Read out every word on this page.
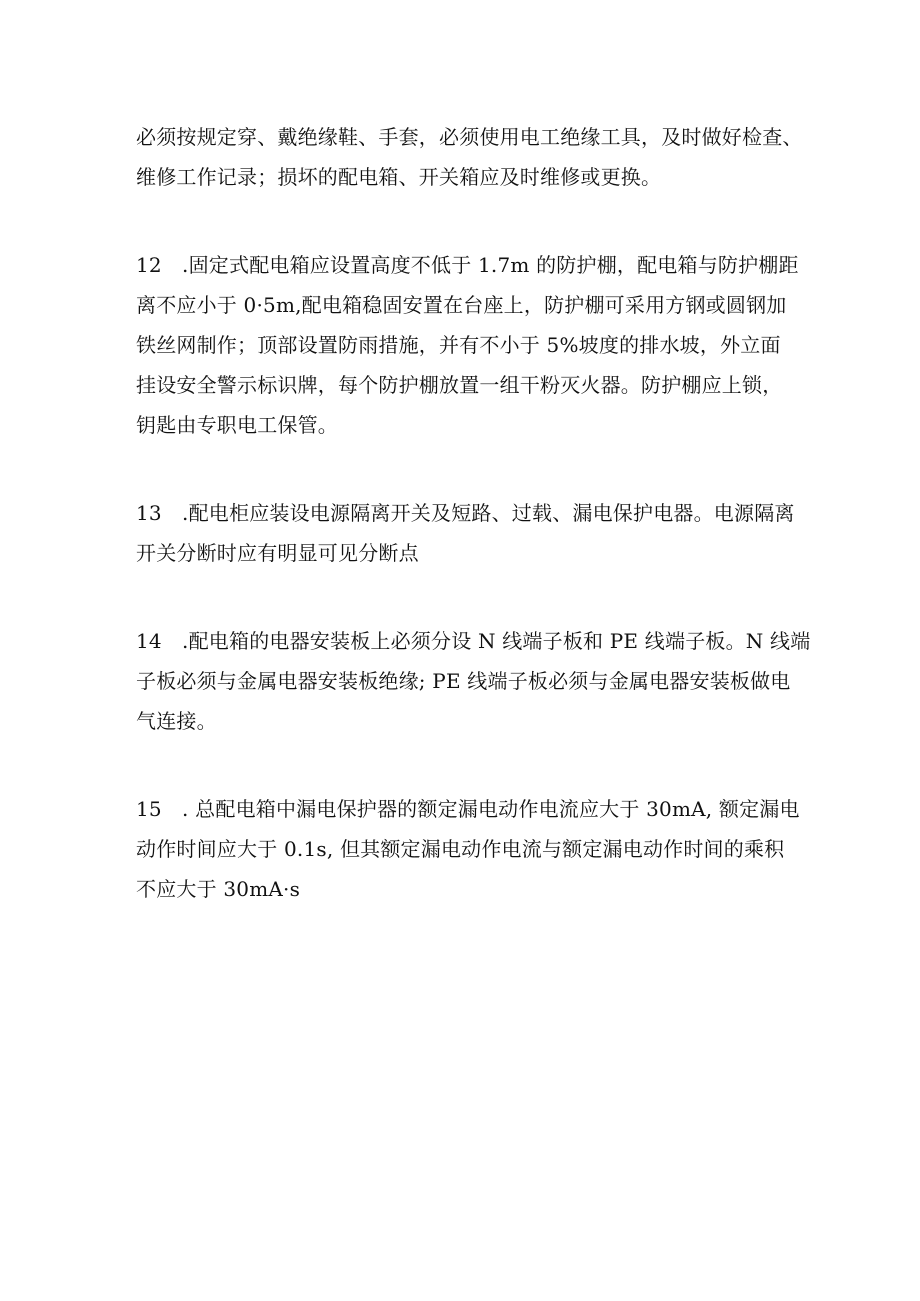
必须按规定穿、戴绝缘鞋、手套，必须使用电工绝缘工具，及时做好检查、
维修工作记录；损坏的配电箱、开关箱应及时维修或更换。
12　.固定式配电箱应设置高度不低于 1.7m 的防护棚，配电箱与防护棚距
离不应小于 0·5m,配电箱稳固安置在台座上，防护棚可采用方钢或圆钢加
铁丝网制作；顶部设置防雨措施，并有不小于 5%坡度的排水坡，外立面
挂设安全警示标识牌，每个防护棚放置一组干粉灭火器。防护棚应上锁，
钥匙由专职电工保管。
13　.配电柜应装设电源隔离开关及短路、过载、漏电保护电器。电源隔离
开关分断时应有明显可见分断点
14　.配电箱的电器安装板上必须分设 N 线端子板和 PE 线端子板。N 线端
子板必须与金属电器安装板绝缘; PE 线端子板必须与金属电器安装板做电
气连接。
15　. 总配电箱中漏电保护器的额定漏电动作电流应大于 30mA, 额定漏电
动作时间应大于 0.1s, 但其额定漏电动作电流与额定漏电动作时间的乘积
不应大于 30mA·s
